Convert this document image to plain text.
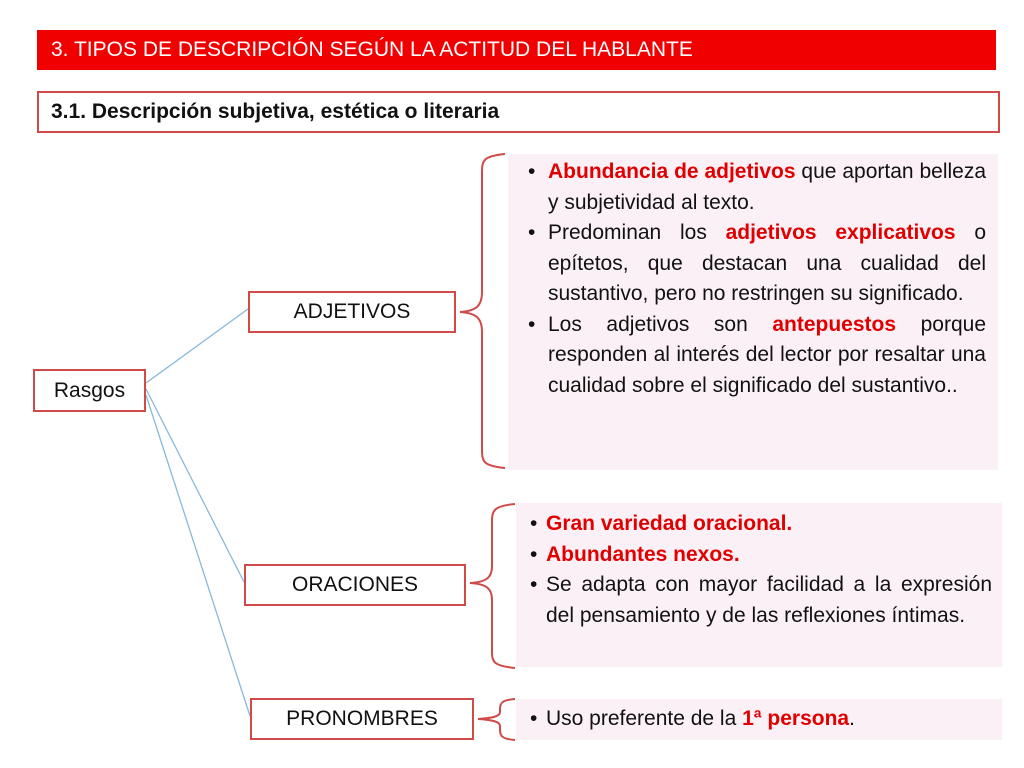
3. TIPOS DE DESCRIPCIÓN SEGÚN LA ACTITUD DEL HABLANTE
3.1. Descripción subjetiva, estética o literaria
Rasgos
ADJETIVOS
ORACIONES
PRONOMBRES
• Abundancia de adjetivos que aportan belleza y subjetividad al texto.
• Predominan los adjetivos explicativos o epítetos, que destacan una cualidad del sustantivo, pero no restringen su significado.
• Los adjetivos son antepuestos porque responden al interés del lector por resaltar una cualidad sobre el significado del sustantivo..
• Gran variedad oracional.
• Abundantes nexos.
• Se adapta con mayor facilidad a la expresión del pensamiento y de las reflexiones íntimas.
• Uso preferente de la 1ª persona.
